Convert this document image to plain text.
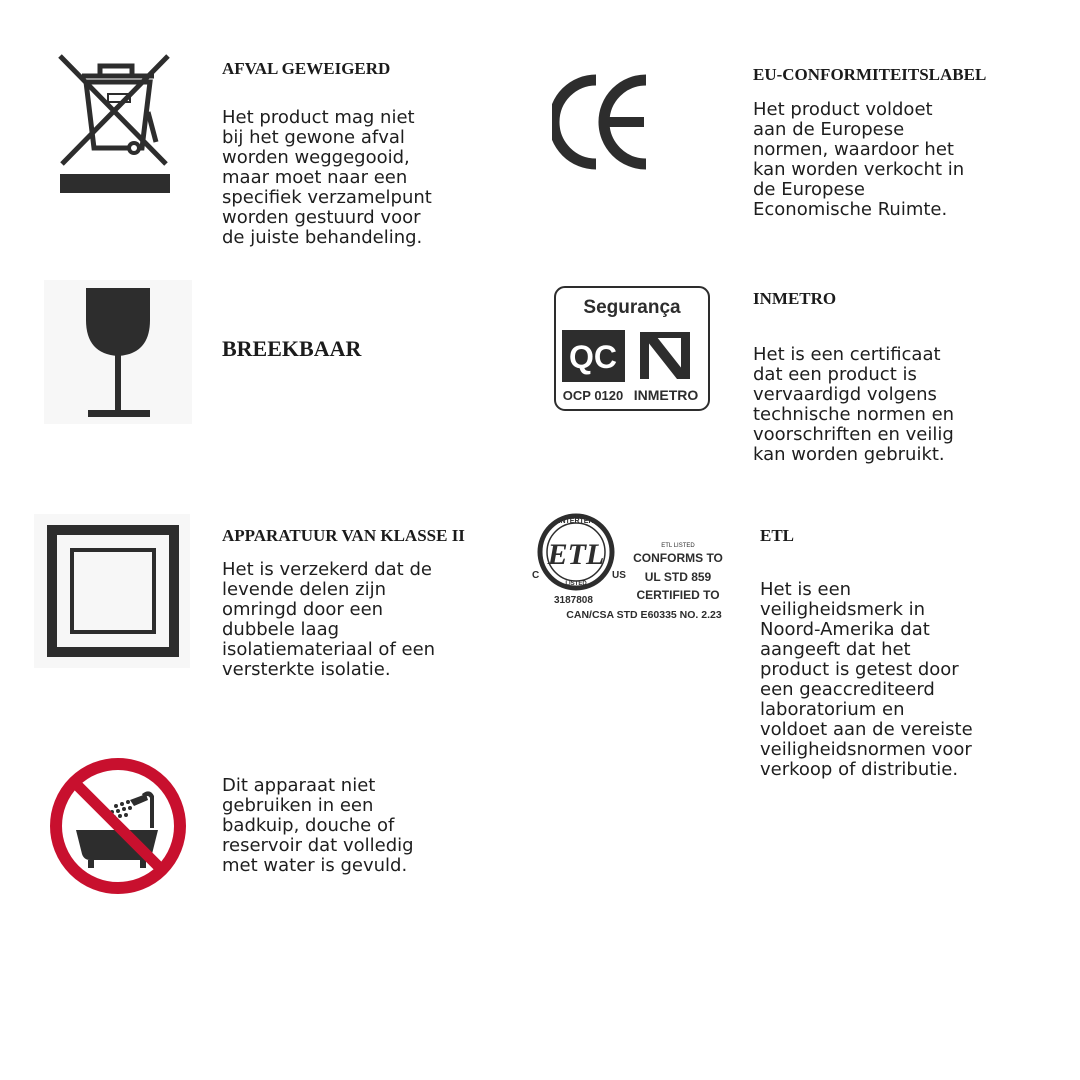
AFVAL GEWEIGERD

Het product mag niet
bij het gewone afval
worden weggegooid,
maar moet naar een
specifiek verzamelpunt
worden gestuurd voor
de juiste behandeling.

EU-CONFORMITEITSLABEL

Het product voldoet
aan de Europese
normen, waardoor het
kan worden verkocht in
de Europese
Economische Ruimte.

BREEKBAAR
Segurança
QC
OCP 0120 INMETRO
INMETRO

Het is een certificaat
dat een product is
vervaardigd volgens
technische normen en
voorschriften en veilig
kan worden gebruikt.

APPARATUUR VAN KLASSE II

Het is verzekerd dat de
levende delen zijn
omringd door een
dubbele laag
isolatiemateriaal of een
versterkte isolatie.

INTERTEK
ETL
LISTED
C	US
3187808
ETL LISTED
CONFORMS TO
UL STD 859
CERTIFIED TO
CAN/CSA STD E60335 NO. 2.23
ETL

Het is een
veiligheidsmerk in
Noord-Amerika dat
aangeeft dat het
product is getest door
een geaccrediteerd
laboratorium en
voldoet aan de vereiste
veiligheidsnormen voor
verkoop of distributie.

Dit apparaat niet
gebruiken in een
badkuip, douche of
reservoir dat volledig
met water is gevuld.
